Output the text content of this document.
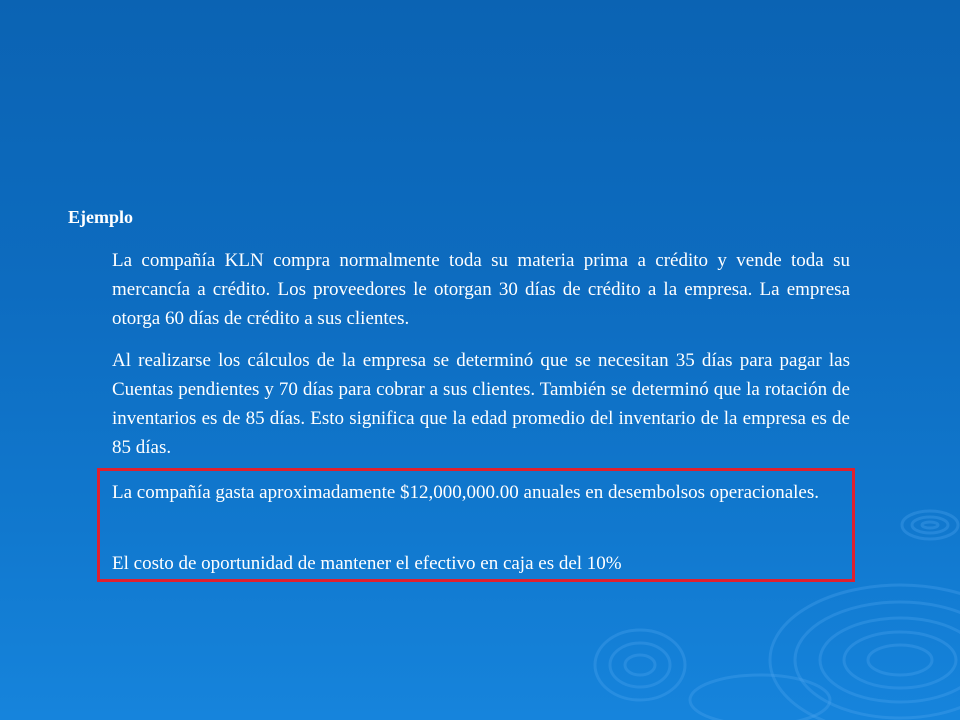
Ejemplo

La compañía KLN compra normalmente toda su materia prima a crédito y vende toda su mercancía a crédito. Los proveedores le otorgan 30 días de crédito a la empresa. La empresa otorga 60 días de crédito a sus clientes.

Al realizarse los cálculos de la empresa se determinó que se necesitan 35 días para pagar las Cuentas pendientes y 70 días para cobrar a sus clientes. También se determinó que la rotación de inventarios es de 85 días. Esto significa que la edad promedio del inventario de la empresa es de 85 días.

La compañía gasta aproximadamente $12,000,000.00 anuales en desembolsos operacionales.

El costo de oportunidad de mantener el efectivo en caja es del 10%
